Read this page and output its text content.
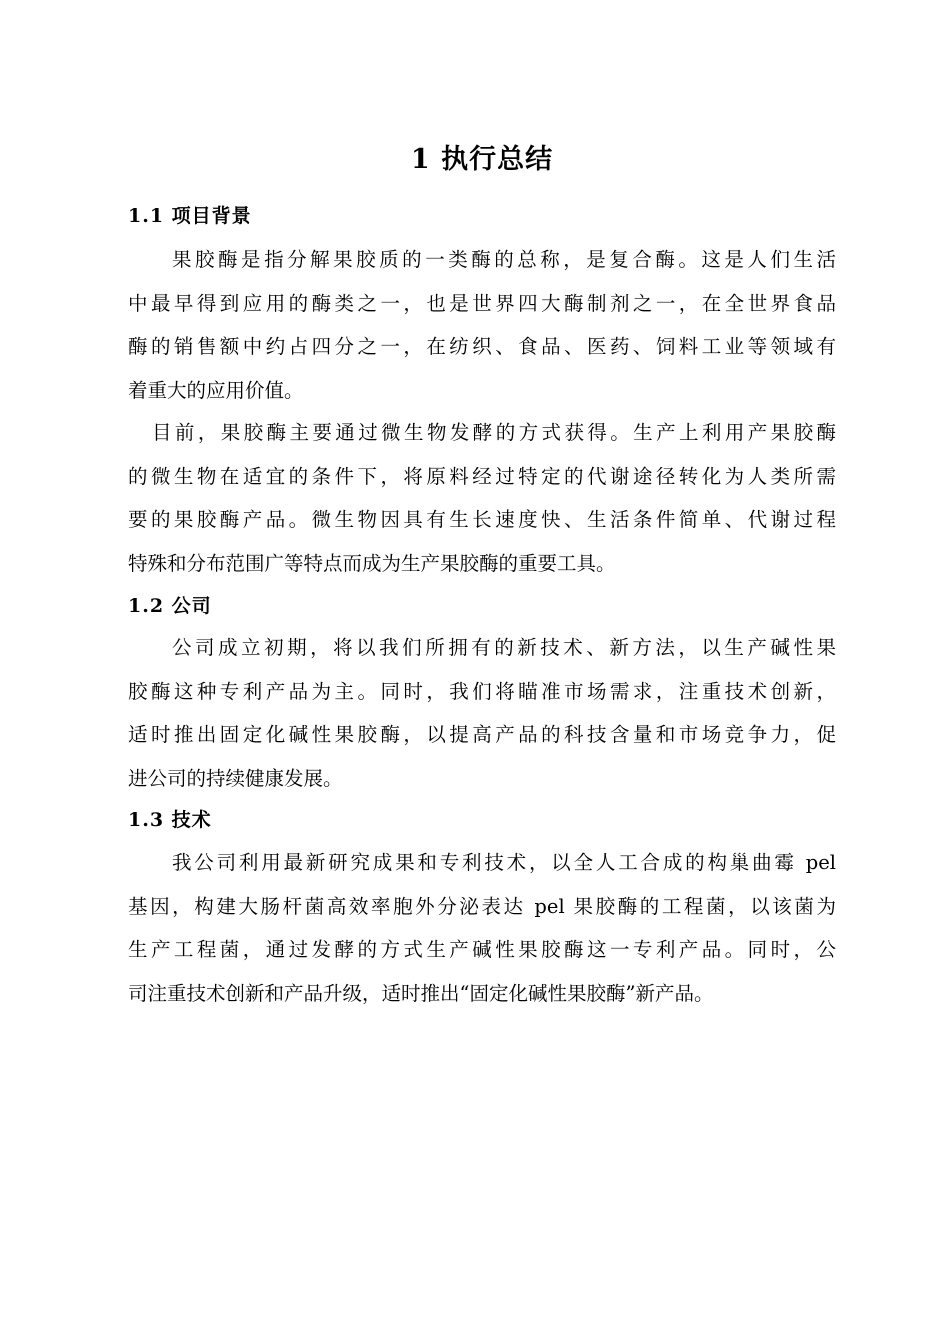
1 执行总结
1.1 项目背景
果胶酶是指分解果胶质的一类酶的总称，是复合酶。这是人们生活
中最早得到应用的酶类之一，也是世界四大酶制剂之一，在全世界食品
酶的销售额中约占四分之一，在纺织、食品、医药、饲料工业等领域有
着重大的应用价值。
目前，果胶酶主要通过微生物发酵的方式获得。生产上利用产果胶酶
的微生物在适宜的条件下，将原料经过特定的代谢途径转化为人类所需
要的果胶酶产品。微生物因具有生长速度快、生活条件简单、代谢过程
特殊和分布范围广等特点而成为生产果胶酶的重要工具。
1.2 公司
公司成立初期，将以我们所拥有的新技术、新方法，以生产碱性果
胶酶这种专利产品为主。同时，我们将瞄准市场需求，注重技术创新，
适时推出固定化碱性果胶酶，以提高产品的科技含量和市场竞争力，促
进公司的持续健康发展。
1.3 技术
我公司利用最新研究成果和专利技术，以全人工合成的构巢曲霉 pel
基因，构建大肠杆菌高效率胞外分泌表达 pel 果胶酶的工程菌，以该菌为
生产工程菌，通过发酵的方式生产碱性果胶酶这一专利产品。同时，公
司注重技术创新和产品升级，适时推出“固定化碱性果胶酶”新产品。
